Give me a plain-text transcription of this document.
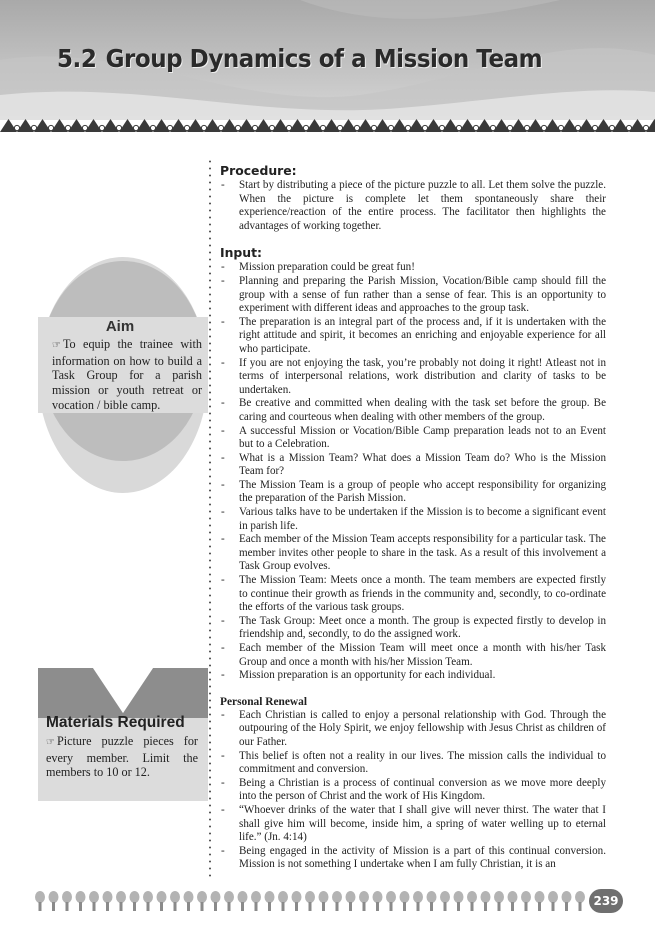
5.2 Group Dynamics of a Mission Team
Aim
☞ To equip the trainee with information on how to build a Task Group for a parish mission or youth retreat or vocation / bible camp.
Materials Required
☞ Picture puzzle pieces for every member. Limit the members to 10 or 12.
Procedure:
- Start by distributing a piece of the picture puzzle to all. Let them solve the puzzle. When the picture is complete let them spontaneously share their experience/reaction of the entire process. The facilitator then highlights the advantages of working together.
Input:
- Mission preparation could be great fun!
- Planning and preparing the Parish Mission, Vocation/Bible camp should fill the group with a sense of fun rather than a sense of fear. This is an opportunity to experiment with different ideas and approaches to the group task.
- The preparation is an integral part of the process and, if it is undertaken with the right attitude and spirit, it becomes an enriching and enjoyable experience for all who participate.
- If you are not enjoying the task, you’re probably not doing it right! Atleast not in terms of interpersonal relations, work distribution and clarity of tasks to be undertaken.
- Be creative and committed when dealing with the task set before the group. Be caring and courteous when dealing with other members of the group.
- A successful Mission or Vocation/Bible Camp preparation leads not to an Event but to a Celebration.
- What is a Mission Team? What does a Mission Team do? Who is the Mission Team for?
- The Mission Team is a group of people who accept responsibility for organizing the preparation of the Parish Mission.
- Various talks have to be undertaken if the Mission is to become a significant event in parish life.
- Each member of the Mission Team accepts responsibility for a particular task. The member invites other people to share in the task. As a result of this involvement a Task Group evolves.
- The Mission Team: Meets once a month. The team members are expected firstly to continue their growth as friends in the community and, secondly, to co-ordinate the efforts of the various task groups.
- The Task Group: Meet once a month. The group is expected firstly to develop in friendship and, secondly, to do the assigned work.
- Each member of the Mission Team will meet once a month with his/her Task Group and once a month with his/her Mission Team.
- Mission preparation is an opportunity for each individual.
Personal Renewal
- Each Christian is called to enjoy a personal relationship with God. Through the outpouring of the Holy Spirit, we enjoy fellowship with Jesus Christ as children of our Father.
- This belief is often not a reality in our lives. The mission calls the individual to commitment and conversion.
- Being a Christian is a process of continual conversion as we move more deeply into the person of Christ and the work of His Kingdom.
- “Whoever drinks of the water that I shall give will never thirst. The water that I shall give him will become, inside him, a spring of water welling up to eternal life.” (Jn. 4:14)
- Being engaged in the activity of Mission is a part of this continual conversion. Mission is not something I undertake when I am fully Christian, it is an
239
